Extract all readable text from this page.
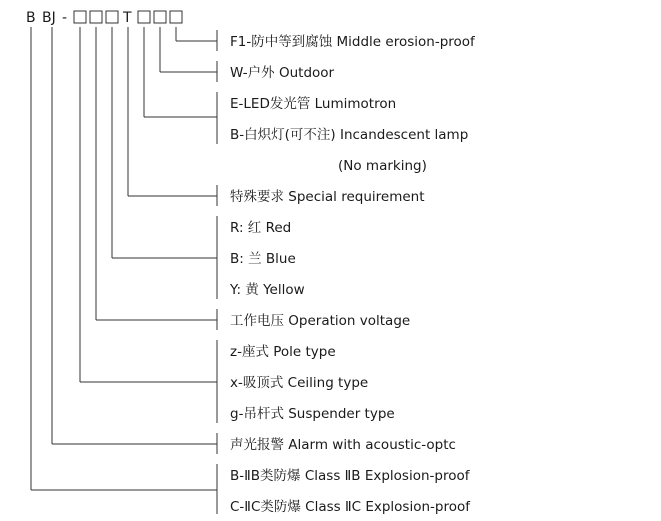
B BJ -	T
F1-防中等到腐蚀 Middle erosion-proof
W-户外 Outdoor
E-LED发光管 Lumimotron
B-白炽灯(可不注) Incandescent lamp
(No marking)
特殊要求 Special requirement
R: 红 Red
B: 兰 Blue
Y: 黄 Yellow
工作电压 Operation voltage
z-座式 Pole type
x-吸顶式 Ceiling type
g-吊杆式 Suspender type
声光报警 Alarm with acoustic-optc
B-ⅡB类防爆 Class ⅡB Explosion-proof
C-ⅡC类防爆 Class ⅡC Explosion-proof
